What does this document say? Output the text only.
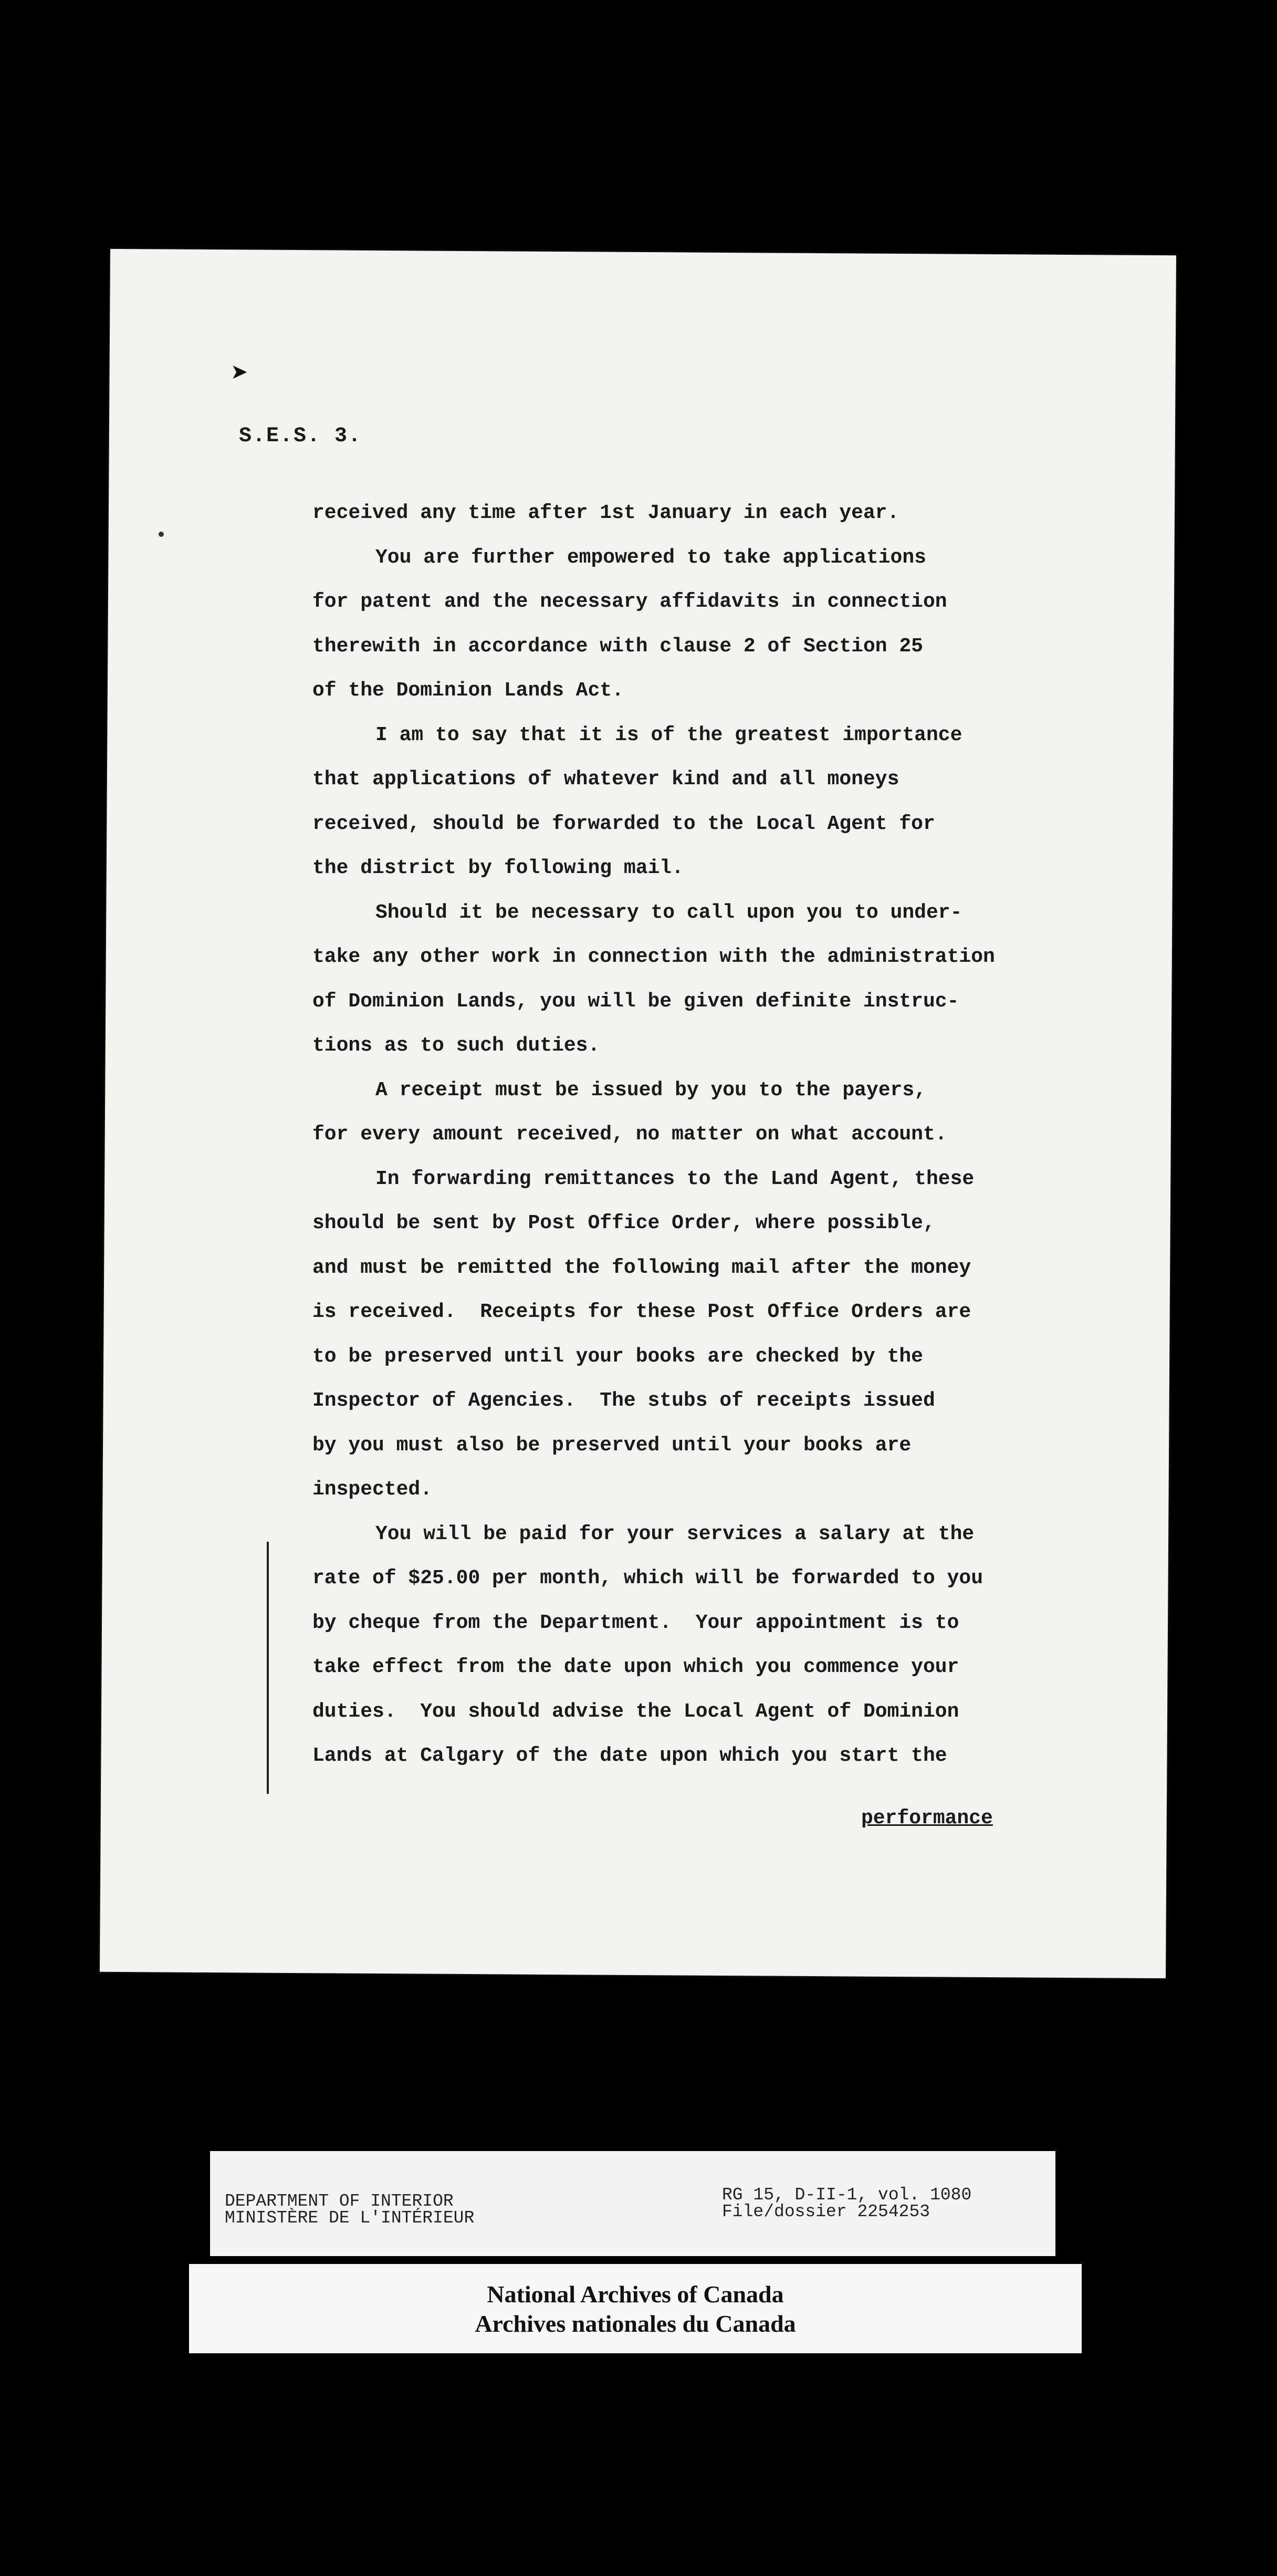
➤
S.E.S. 3.
received any time after 1st January in each year.
You are further empowered to take applications
for patent and the necessary affidavits in connection
therewith in accordance with clause 2 of Section 25
of the Dominion Lands Act.
I am to say that it is of the greatest importance
that applications of whatever kind and all moneys
received, should be forwarded to the Local Agent for
the district by following mail.
Should it be necessary to call upon you to under-
take any other work in connection with the administration
of Dominion Lands, you will be given definite instruc-
tions as to such duties.
A receipt must be issued by you to the payers,
for every amount received, no matter on what account.
In forwarding remittances to the Land Agent, these
should be sent by Post Office Order, where possible,
and must be remitted the following mail after the money
is received.  Receipts for these Post Office Orders are
to be preserved until your books are checked by the
Inspector of Agencies.  The stubs of receipts issued
by you must also be preserved until your books are
inspected.
You will be paid for your services a salary at the
rate of $25.00 per month, which will be forwarded to you
by cheque from the Department.  Your appointment is to
take effect from the date upon which you commence your
duties.  You should advise the Local Agent of Dominion
Lands at Calgary of the date upon which you start the
performance
DEPARTMENT OF INTERIOR
MINISTÈRE DE L'INTÉRIEUR
RG 15, D-II-1, vol. 1080
File/dossier 2254253
National Archives of Canada
Archives nationales du Canada
